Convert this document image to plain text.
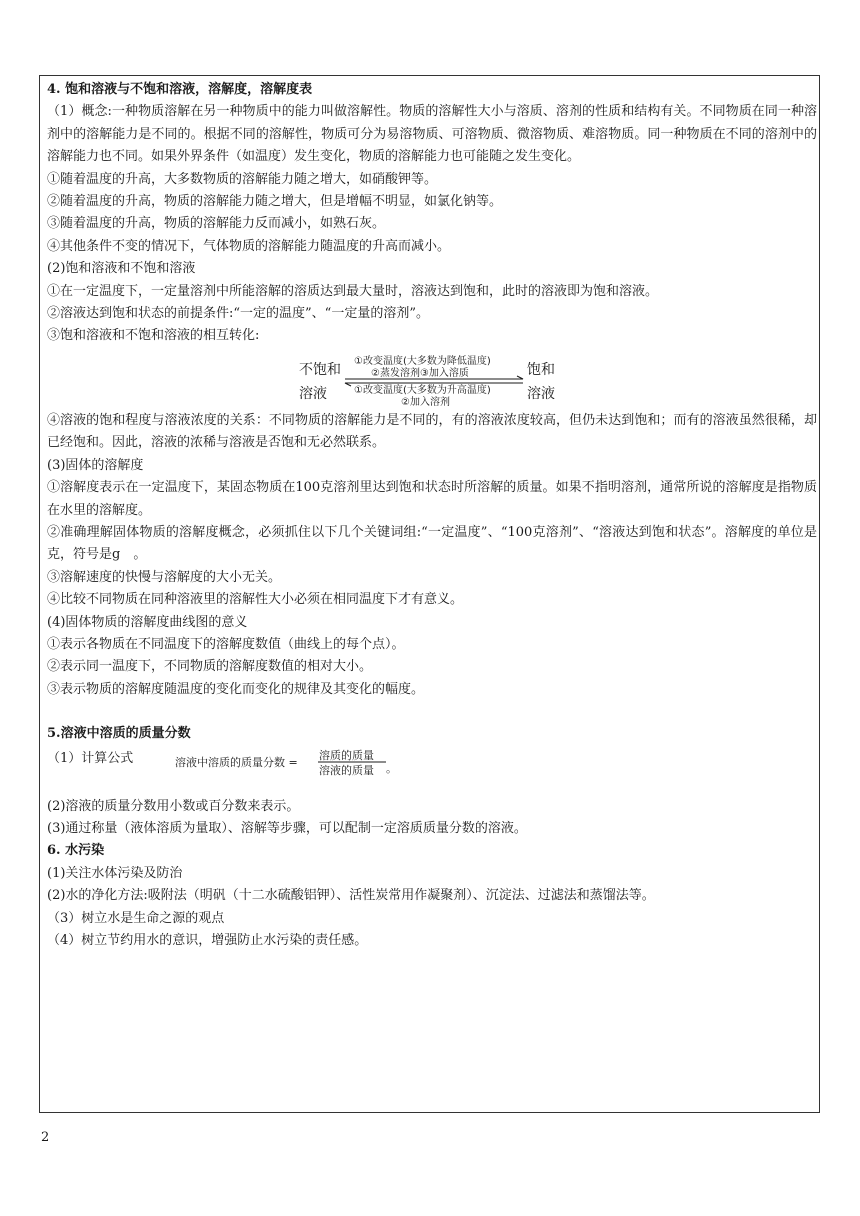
4. 饱和溶液与不饱和溶液，溶解度，溶解度表

（1）概念:一种物质溶解在另一种物质中的能力叫做溶解性。物质的溶解性大小与溶质、溶剂的性质和结构有关。不同物质在同一种溶剂中的溶解能力是不同的。根据不同的溶解性，物质可分为易溶物质、可溶物质、微溶物质、难溶物质。同一种物质在不同的溶剂中的溶解能力也不同。如果外界条件（如温度）发生变化，物质的溶解能力也可能随之发生变化。

①随着温度的升高，大多数物质的溶解能力随之增大，如硝酸钾等。

②随着温度的升高，物质的溶解能力随之增大，但是增幅不明显，如氯化钠等。

③随着温度的升高，物质的溶解能力反而减小，如熟石灰。

④其他条件不变的情况下，气体物质的溶解能力随温度的升高而减小。

(2)饱和溶液和不饱和溶液

①在一定温度下，一定量溶剂中所能溶解的溶质达到最大量时，溶液达到饱和，此时的溶液即为饱和溶液。

②溶液达到饱和状态的前提条件:“一定的温度”、“一定量的溶剂”。

③饱和溶液和不饱和溶液的相互转化:

不饱和
溶液
①改变温度(大多数为降低温度)
②蒸发溶剂③加入溶质
①改变温度(大多数为升高温度)
②加入溶剂
饱和
溶液

④溶液的饱和程度与溶液浓度的关系：不同物质的溶解能力是不同的，有的溶液浓度较高，但仍未达到饱和；而有的溶液虽然很稀，却已经饱和。因此，溶液的浓稀与溶液是否饱和无必然联系。

(3)固体的溶解度

①溶解度表示在一定温度下，某固态物质在100克溶剂里达到饱和状态时所溶解的质量。如果不指明溶剂，通常所说的溶解度是指物质在水里的溶解度。

②准确理解固体物质的溶解度概念，必须抓住以下几个关键词组:“一定温度”、“100克溶剂”、“溶液达到饱和状态”。溶解度的单位是克，符号是g　。

③溶解速度的快慢与溶解度的大小无关。

④比较不同物质在同种溶液里的溶解性大小必须在相同温度下才有意义。

(4)固体物质的溶解度曲线图的意义

①表示各物质在不同温度下的溶解度数值（曲线上的每个点）。

②表示同一温度下，不同物质的溶解度数值的相对大小。

③表示物质的溶解度随温度的变化而变化的规律及其变化的幅度。

5.溶液中溶质的质量分数

（1）计算公式	溶液中溶质的质量分数 =
溶质的质量
溶液的质量 。

(2)溶液的质量分数用小数或百分数来表示。

(3)通过称量（液体溶质为量取）、溶解等步骤，可以配制一定溶质质量分数的溶液。

6. 水污染

(1)关注水体污染及防治

(2)水的净化方法:吸附法（明矾（十二水硫酸铝钾）、活性炭常用作凝聚剂）、沉淀法、过滤法和蒸馏法等。

（3）树立水是生命之源的观点

（4）树立节约用水的意识，增强防止水污染的责任感。

2
